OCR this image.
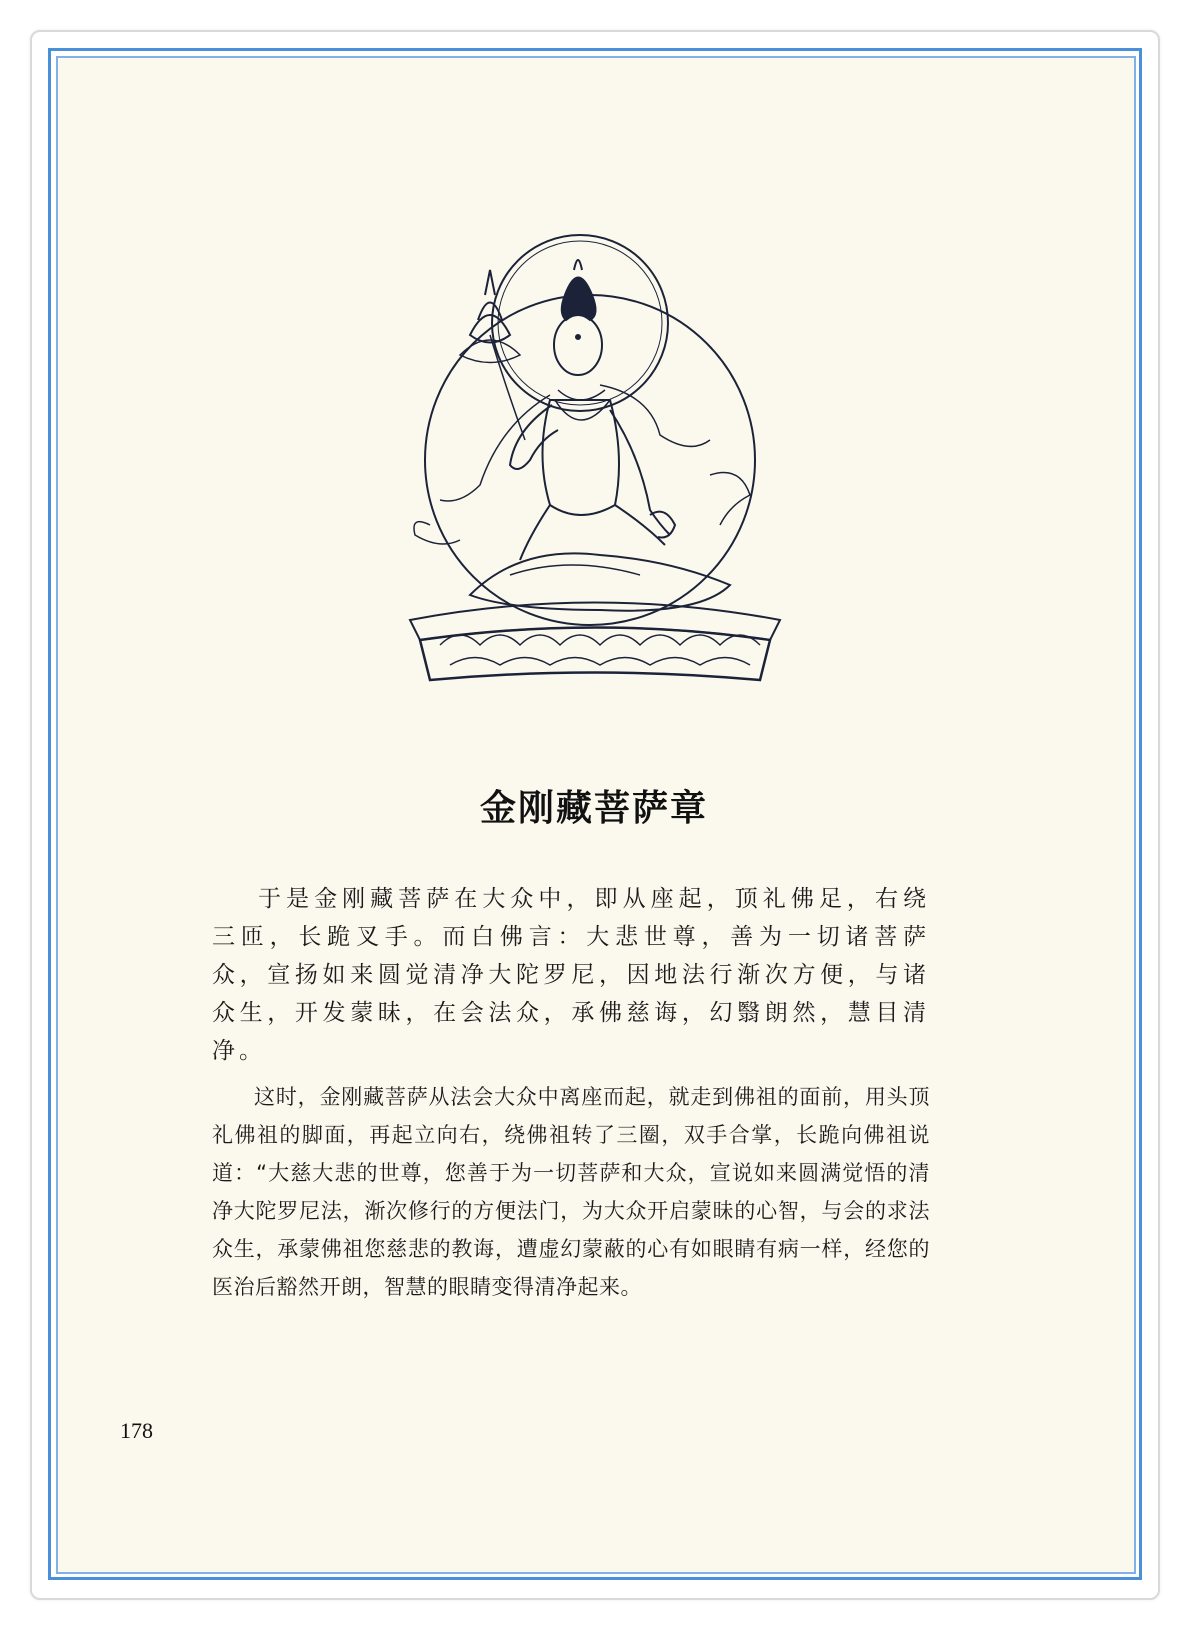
金刚藏菩萨章
于是金刚藏菩萨在大众中，即从座起，顶礼佛足，右绕三匝，长跪叉手。而白佛言：大悲世尊，善为一切诸菩萨众，宣扬如来圆觉清净大陀罗尼，因地法行渐次方便，与诸众生，开发蒙昧，在会法众，承佛慈诲，幻翳朗然，慧目清净。
这时，金刚藏菩萨从法会大众中离座而起，就走到佛祖的面前，用头顶礼佛祖的脚面，再起立向右，绕佛祖转了三圈，双手合掌，长跪向佛祖说道：“大慈大悲的世尊，您善于为一切菩萨和大众，宣说如来圆满觉悟的清净大陀罗尼法，渐次修行的方便法门，为大众开启蒙昧的心智，与会的求法众生，承蒙佛祖您慈悲的教诲，遭虚幻蒙蔽的心有如眼睛有病一样，经您的医治后豁然开朗，智慧的眼睛变得清净起来。
178
